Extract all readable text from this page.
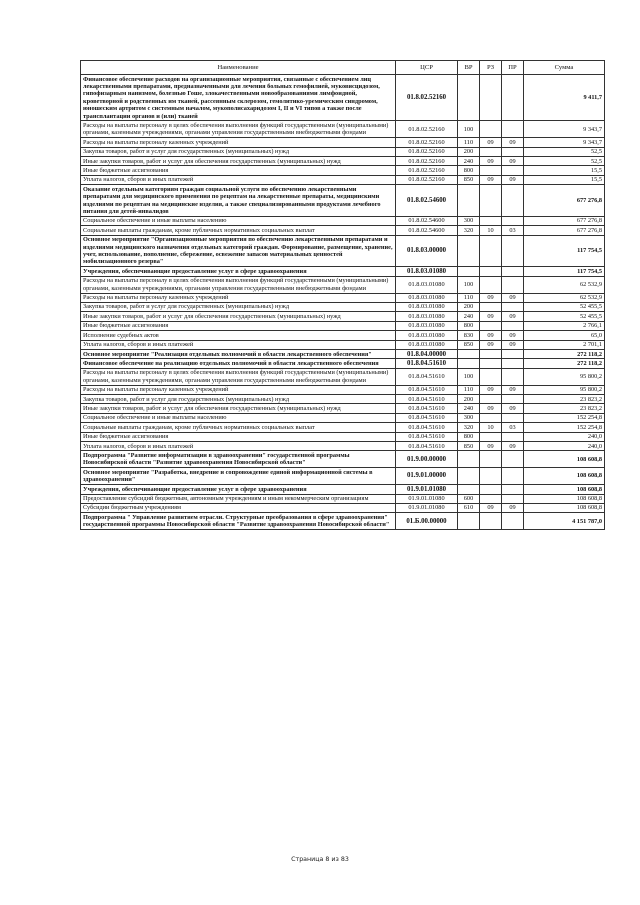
Наименование	ЦСР	ВР	РЗ	ПР	Сумма
Финансовое обеспечение расходов на организационные мероприятия, связанные с обеспечением лиц лекарственными препаратами, предназначенными для лечения больных гемофилией, муковисцидозом, гипофизарным нанизмом, болезнью Гоше, злокачественными новообразованиями лимфоидной, кроветворной и родственных им тканей, рассеянным склерозом, гемолитико-уремическим синдромом, юношеским артритом с системным началом, мукополисахаридозом I, II и VI типов а также после трансплантации органов и (или) тканей	01.8.02.52160				9 411,7
Расходы на выплаты персоналу в целях обеспечения выполнения функций государственными (муниципальными) органами, казенными учреждениями, органами управления государственными внебюджетными фондами	01.8.02.52160	100			9 343,7
Расходы на выплаты персоналу казенных учреждений	01.8.02.52160	110	09	09	9 343,7
Закупка товаров, работ и услуг для государственных (муниципальных) нужд	01.8.02.52160	200			52,5
Иные закупки товаров, работ и услуг для обеспечения государственных (муниципальных) нужд	01.8.02.52160	240	09	09	52,5
Иные бюджетные ассигнования	01.8.02.52160	800			15,5
Уплата налогов, сборов и иных платежей	01.8.02.52160	850	09	09	15,5
Оказание отдельным категориям граждан социальной услуги по обеспечению лекарственными препаратами для медицинского применения по рецептам на лекарственные препараты, медицинскими изделиями по рецептам на медицинские изделия, а также специализированными продуктами лечебного питания для детей-инвалидов	01.8.02.54600				677 276,8
Социальное обеспечение и иные выплаты населению	01.8.02.54600	300			677 276,8
Социальные выплаты гражданам, кроме публичных нормативных социальных выплат	01.8.02.54600	320	10	03	677 276,8
Основное мероприятие "Организационные мероприятия по обеспечению лекарственными препаратами и изделиями медицинского назначения отдельных категорий граждан. Формирование, размещение, хранение, учет, использование, пополнение, сбережение, освежение запасов материальных ценностей мобилизационного резерва"	01.8.03.00000				117 754,5
Учреждения, обеспечивающие предоставление услуг в сфере здравоохранения	01.8.03.01080				117 754,5
Расходы на выплаты персоналу в целях обеспечения выполнения функций государственными (муниципальными) органами, казенными учреждениями, органами управления государственными внебюджетными фондами	01.8.03.01080	100			62 532,9
Расходы на выплаты персоналу казенных учреждений	01.8.03.01080	110	09	09	62 532,9
Закупка товаров, работ и услуг для государственных (муниципальных) нужд	01.8.03.01080	200			52 455,5
Иные закупки товаров, работ и услуг для обеспечения государственных (муниципальных) нужд	01.8.03.01080	240	09	09	52 455,5
Иные бюджетные ассигнования	01.8.03.01080	800			2 766,1
Исполнение судебных актов	01.8.03.01080	830	09	09	65,0
Уплата налогов, сборов и иных платежей	01.8.03.01080	850	09	09	2 701,1
Основное мероприятие "Реализация отдельных полномочий в области лекарственного обеспечения"	01.8.04.00000				272 118,2
Финансовое обеспечение на реализацию отдельных полномочий в области лекарственного обеспечения	01.8.04.51610				272 118,2
Расходы на выплаты персоналу в целях обеспечения выполнения функций государственными (муниципальными) органами, казенными учреждениями, органами управления государственными внебюджетными фондами	01.8.04.51610	100			95 800,2
Расходы на выплаты персоналу казенных учреждений	01.8.04.51610	110	09	09	95 800,2
Закупка товаров, работ и услуг для государственных (муниципальных) нужд	01.8.04.51610	200			23 823,2
Иные закупки товаров, работ и услуг для обеспечения государственных (муниципальных) нужд	01.8.04.51610	240	09	09	23 823,2
Социальное обеспечение и иные выплаты населению	01.8.04.51610	300			152 254,8
Социальные выплаты гражданам, кроме публичных нормативных социальных выплат	01.8.04.51610	320	10	03	152 254,8
Иные бюджетные ассигнования	01.8.04.51610	800			240,0
Уплата налогов, сборов и иных платежей	01.8.04.51610	850	09	09	240,0
Подпрограмма "Развитие информатизации в здравоохранении" государственной программы Новосибирской области "Развитие здравоохранения Новосибирской области"	01.9.00.00000				108 608,8
Основное мероприятие "Разработка, внедрение и сопровождение единой информационной системы в здравоохранении"	01.9.01.00000				108 608,8
Учреждения, обеспечивающие предоставление услуг в сфере здравоохранения	01.9.01.01080				108 608,8
Предоставление субсидий бюджетным, автономным учреждениям и иным некоммерческим организациям	01.9.01.01080	600			108 608,8
Субсидии бюджетным учреждениям	01.9.01.01080	610	09	09	108 608,8
Подпрограмма " Управление развитием отрасли. Структурные преобразования в сфере здравоохранения" государственной программы Новосибирской области "Развитие здравоохранения Новосибирской области"	01.Б.00.00000				4 151 787,0
Страница 8 из 83
